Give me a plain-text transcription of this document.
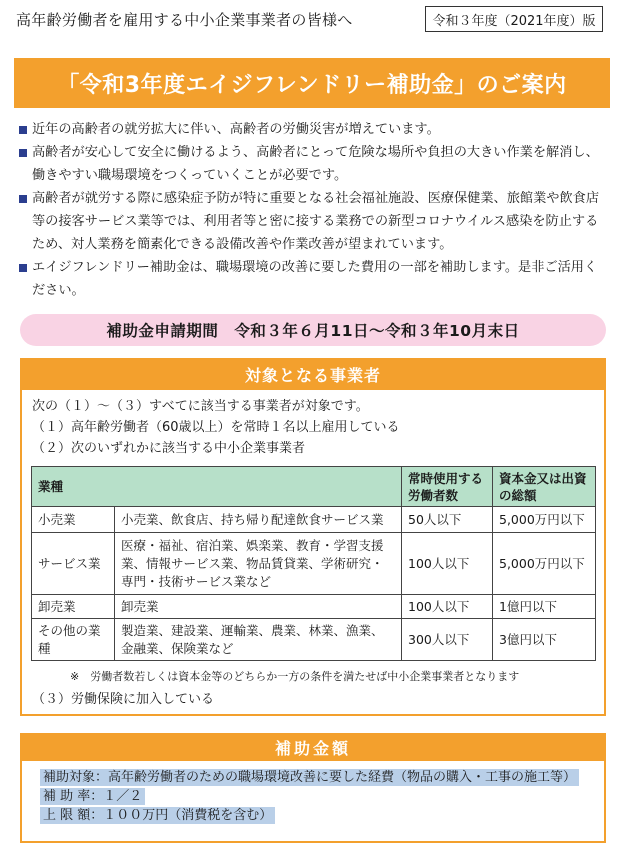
高年齢労働者を雇用する中小企業事業者の皆様へ	令和３年度（2021年度）版
「令和3年度エイジフレンドリー補助金」のご案内
近年の高齢者の就労拡大に伴い、高齢者の労働災害が増えています。
高齢者が安心して安全に働けるよう、高齢者にとって危険な場所や負担の大きい作業を解消し、働きやすい職場環境をつくっていくことが必要です。
高齢者が就労する際に感染症予防が特に重要となる社会福祉施設、医療保健業、旅館業や飲食店等の接客サービス業等では、利用者等と密に接する業務での新型コロナウイルス感染を防止するため、対人業務を簡素化できる設備改善や作業改善が望まれています。
エイジフレンドリー補助金は、職場環境の改善に要した費用の一部を補助します。是非ご活用ください。
補助金申請期間　令和３年６月11日〜令和３年10月末日
対象となる事業者
次の（１）～（３）すべてに該当する事業者が対象です。
（１）高年齢労働者（60歳以上）を常時１名以上雇用している
（２）次のいずれかに該当する中小企業事業者
業種		常時使用する労働者数	資本金又は出資の総額
小売業	小売業、飲食店、持ち帰り配達飲食サービス業	50人以下	5,000万円以下
サービス業	医療・福祉、宿泊業、娯楽業、教育・学習支援業、情報サービス業、物品賃貸業、学術研究・専門・技術サービス業など	100人以下	5,000万円以下
卸売業	卸売業	100人以下	1億円以下
その他の業種	製造業、建設業、運輸業、農業、林業、漁業、金融業、保険業など	300人以下	3億円以下
※　労働者数若しくは資本金等のどちらか一方の条件を満たせば中小企業事業者となります
（３）労働保険に加入している
補助金額
補助対象：高年齢労働者のための職場環境改善に要した経費（物品の購入・工事の施工等）
補 助 率：１／２
上 限 額：１００万円（消費税を含む）
